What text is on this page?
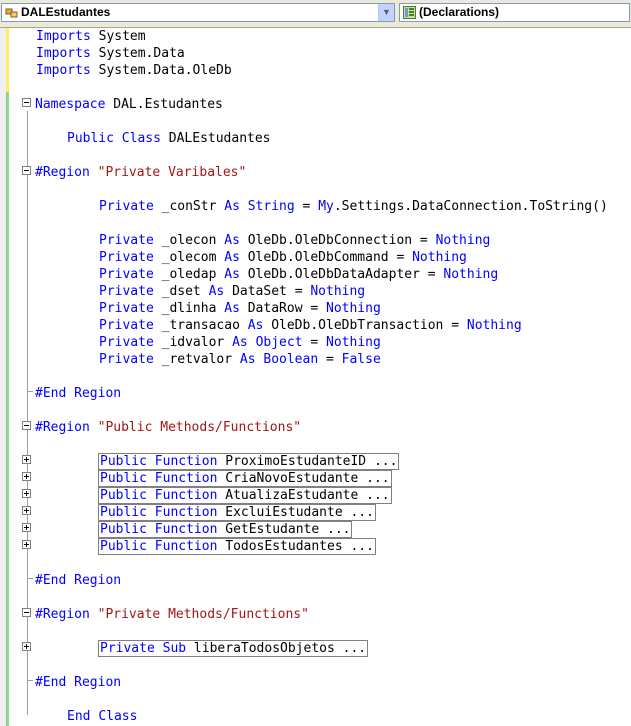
DALEstudantes	▼ (Declarations)
Imports System
Imports System.Data
Imports System.Data.OleDb
Namespace DAL.Estudantes
Public Class DALEstudantes
#Region "Private Varibales"
Private _conStr As String = My.Settings.DataConnection.ToString()
Private _olecon As OleDb.OleDbConnection = Nothing
Private _olecom As OleDb.OleDbCommand = Nothing
Private _oledap As OleDb.OleDbDataAdapter = Nothing
Private _dset As DataSet = Nothing
Private _dlinha As DataRow = Nothing
Private _transacao As OleDb.OleDbTransaction = Nothing
Private _idvalor As Object = Nothing
Private _retvalor As Boolean = False
#End Region
#Region "Public Methods/Functions"
Public Function ProximoEstudanteID ...
Public Function CriaNovoEstudante ...
Public Function AtualizaEstudante ...
Public Function ExcluiEstudante ...
Public Function GetEstudante ...
Public Function TodosEstudantes ...
#End Region
#Region "Private Methods/Functions"
Private Sub liberaTodosObjetos ...
#End Region
End Class
